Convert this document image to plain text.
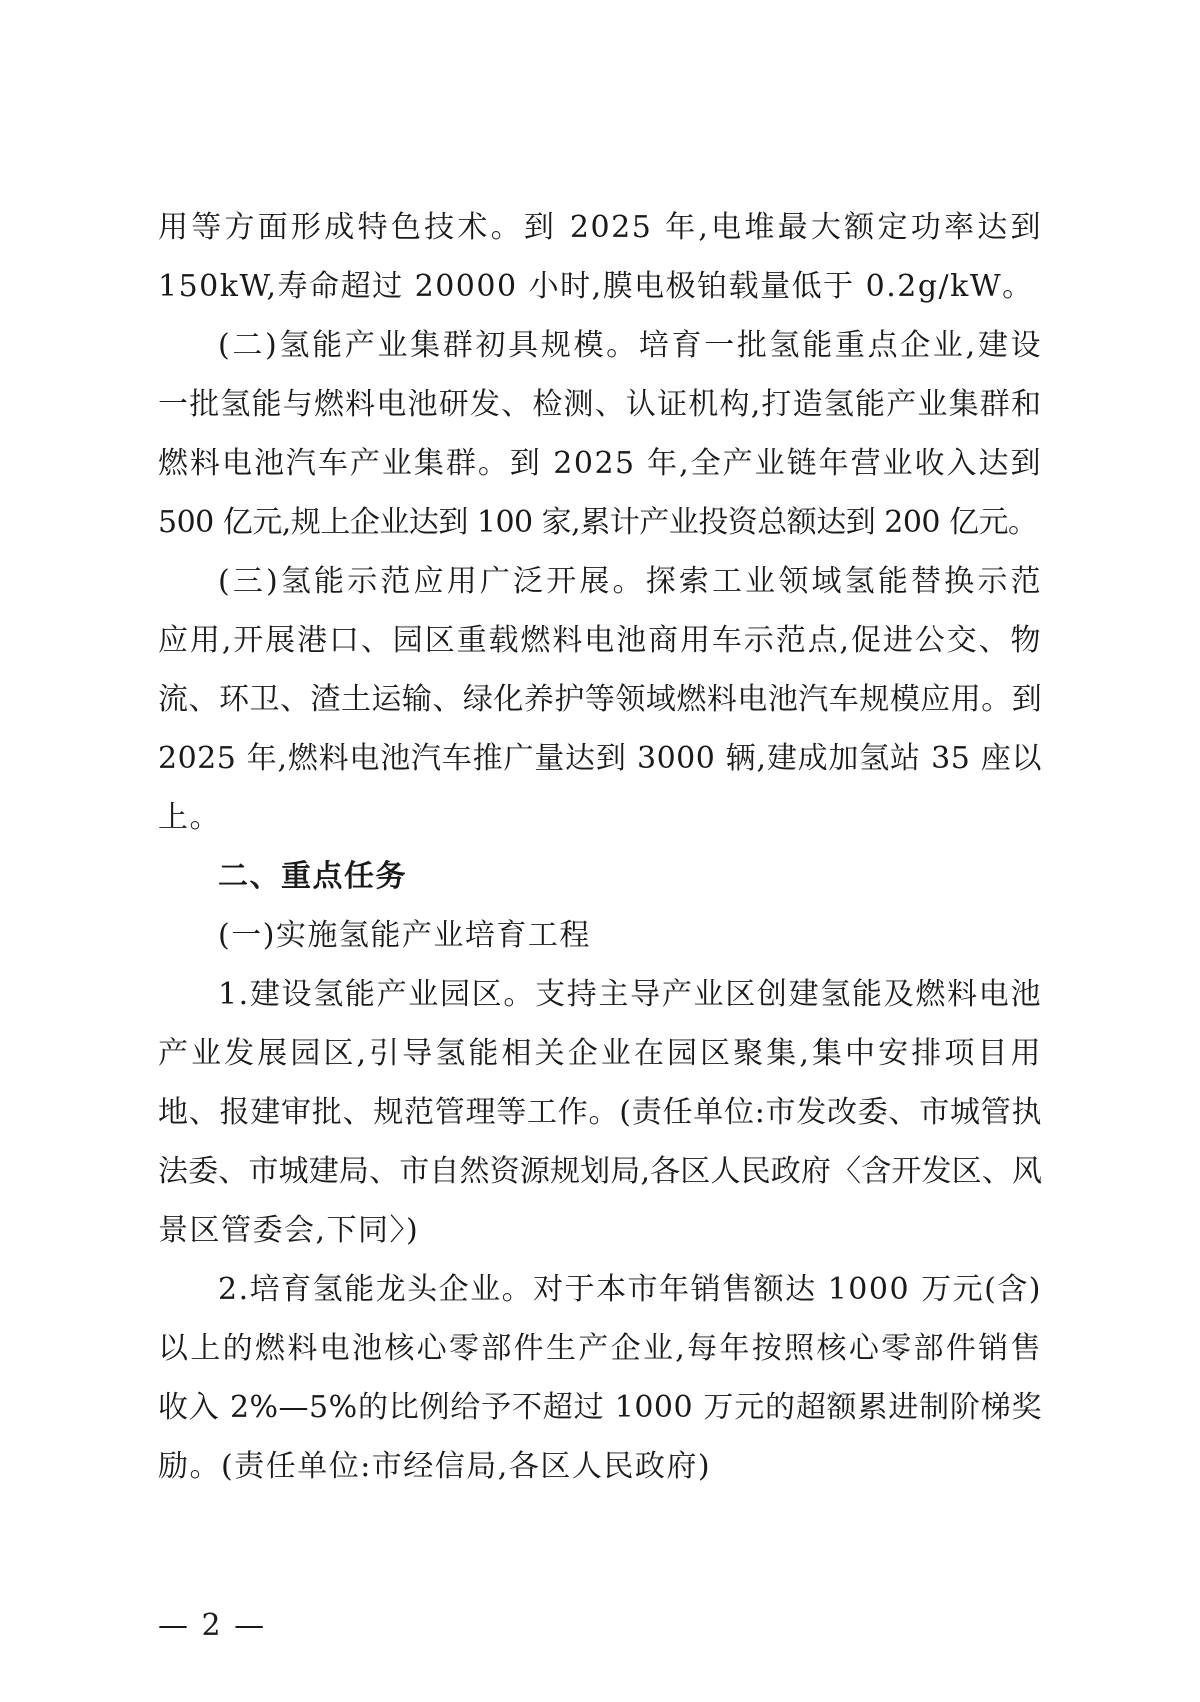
用等方面形成特色技术。到 2025 年,电堆最大额定功率达到
150kW,寿命超过 20000 小时,膜电极铂载量低于 0.2g/kW。
(二)氢能产业集群初具规模。培育一批氢能重点企业,建设
一批氢能与燃料电池研发、检测、认证机构,打造氢能产业集群和
燃料电池汽车产业集群。到 2025 年,全产业链年营业收入达到
500 亿元,规上企业达到 100 家,累计产业投资总额达到 200 亿元。
(三)氢能示范应用广泛开展。探索工业领域氢能替换示范
应用,开展港口、园区重载燃料电池商用车示范点,促进公交、物
流、环卫、渣土运输、绿化养护等领域燃料电池汽车规模应用。到
2025 年,燃料电池汽车推广量达到 3000 辆,建成加氢站 35 座以
上。
二、重点任务
(一)实施氢能产业培育工程
1.建设氢能产业园区。支持主导产业区创建氢能及燃料电池
产业发展园区,引导氢能相关企业在园区聚集,集中安排项目用
地、报建审批、规范管理等工作。(责任单位:市发改委、市城管执
法委、市城建局、市自然资源规划局,各区人民政府〈含开发区、风
景区管委会,下同〉)
2.培育氢能龙头企业。对于本市年销售额达 1000 万元(含)
以上的燃料电池核心零部件生产企业,每年按照核心零部件销售
收入 2%—5%的比例给予不超过 1000 万元的超额累进制阶梯奖
励。(责任单位:市经信局,各区人民政府)
— 2 —
